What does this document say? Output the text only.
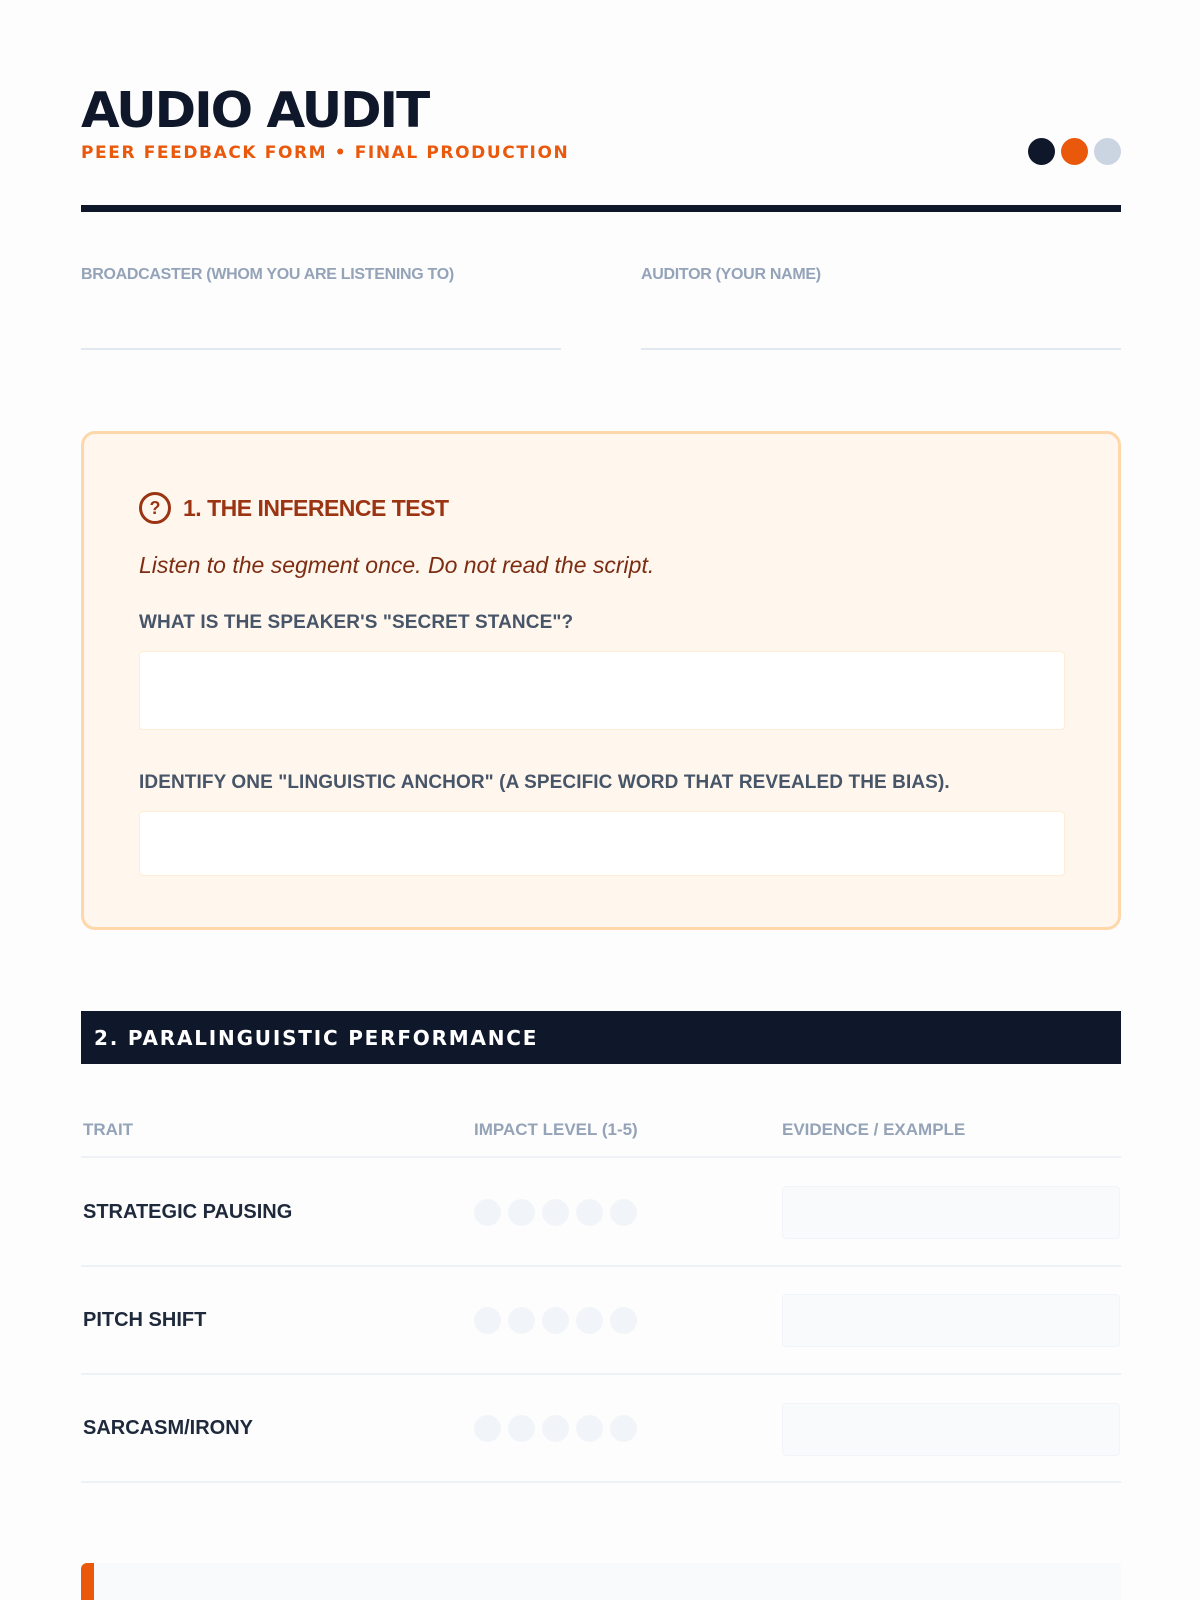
AUDIO AUDIT
PEER FEEDBACK FORM • FINAL PRODUCTION
BROADCASTER (WHOM YOU ARE LISTENING TO)	AUDITOR (YOUR NAME)
? 1. THE INFERENCE TEST
Listen to the segment once. Do not read the script.
WHAT IS THE SPEAKER'S "SECRET STANCE"?
IDENTIFY ONE "LINGUISTIC ANCHOR" (A SPECIFIC WORD THAT REVEALED THE BIAS).
2. PARALINGUISTIC PERFORMANCE
TRAIT	IMPACT LEVEL (1-5)	EVIDENCE / EXAMPLE
STRATEGIC PAUSING
PITCH SHIFT
SARCASM/IRONY
